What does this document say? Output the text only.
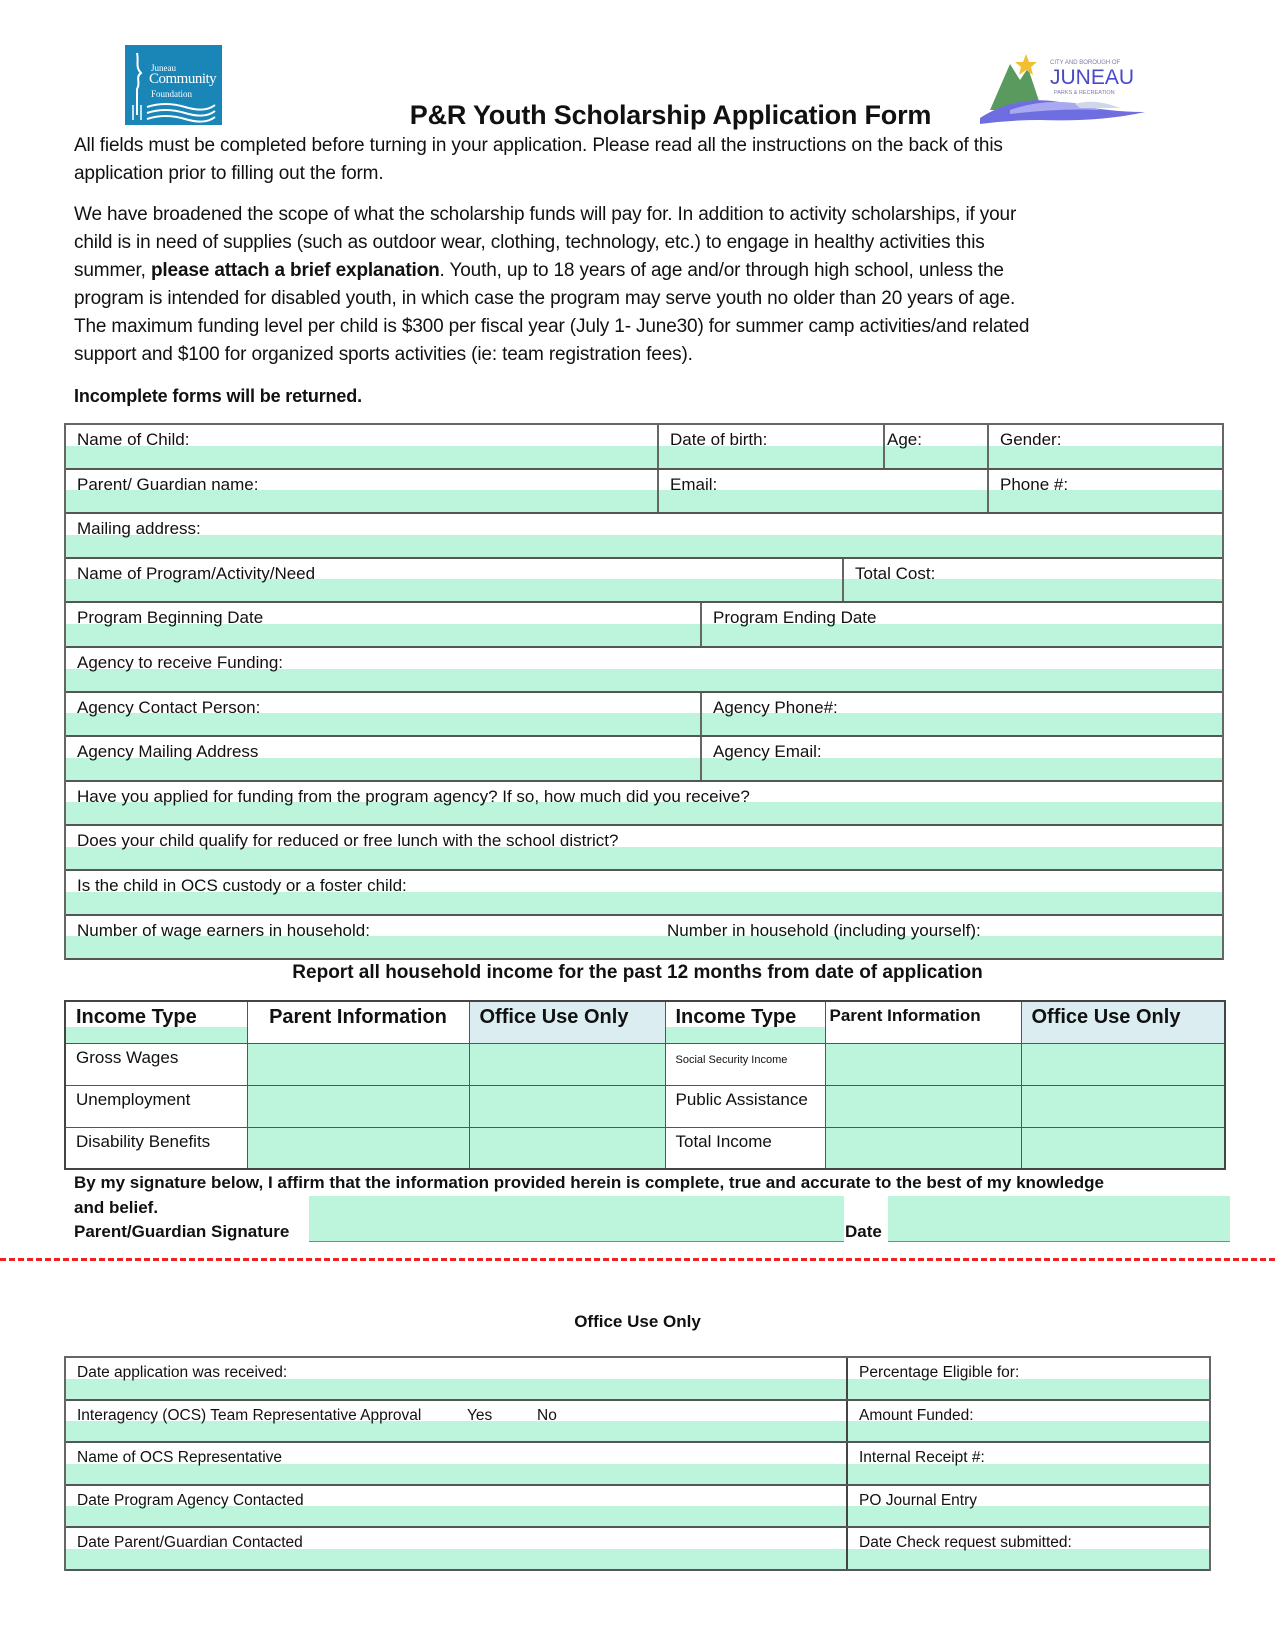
Juneau
Community
Foundation
CITY AND BOROUGH OF
JUNEAU
PARKS & RECREATION
P&R Youth Scholarship Application Form
All fields must be completed before turning in your application. Please read all the instructions on the back of this
application prior to filling out the form.
We have broadened the scope of what the scholarship funds will pay for. In addition to activity scholarships, if your
child is in need of supplies (such as outdoor wear, clothing, technology, etc.) to engage in healthy activities this
summer, please attach a brief explanation. Youth, up to 18 years of age and/or through high school, unless the
program is intended for disabled youth, in which case the program may serve youth no older than 20 years of age.
The maximum funding level per child is $300 per fiscal year (July 1- June30) for summer camp activities/and related
support and $100 for organized sports activities (ie: team registration fees).
Incomplete forms will be returned.
Name of Child:	Date of birth:	Age:	Gender:
Parent/ Guardian name:	Email:	Phone #:
Mailing address:
Name of Program/Activity/Need	Total Cost:
Program Beginning Date	Program Ending Date
Agency to receive Funding:
Agency Contact Person:	Agency Phone#:
Agency Mailing Address	Agency Email:
Have you applied for funding from the program agency? If so, how much did you receive?
Does your child qualify for reduced or free lunch with the school district?
Is the child in OCS custody or a foster child:
Number of wage earners in household:	Number in household (including yourself):
Report all household income for the past 12 months from date of application
Income Type	Parent Information	Office Use Only	Income Type	Parent Information	Office Use Only
Gross Wages			Social Security Income		
Unemployment			Public Assistance		
Disability Benefits			Total Income		
By my signature below, I affirm that the information provided herein is complete, true and accurate to the best of my knowledge
and belief.
Parent/Guardian Signature	Date
Office Use Only
Date application was received:	Percentage Eligible for:
Interagency (OCS) Team Representative Approval	Yes	No	Amount Funded:
Name of OCS Representative	Internal Receipt #:
Date Program Agency Contacted	PO Journal Entry
Date Parent/Guardian Contacted	Date Check request submitted:
